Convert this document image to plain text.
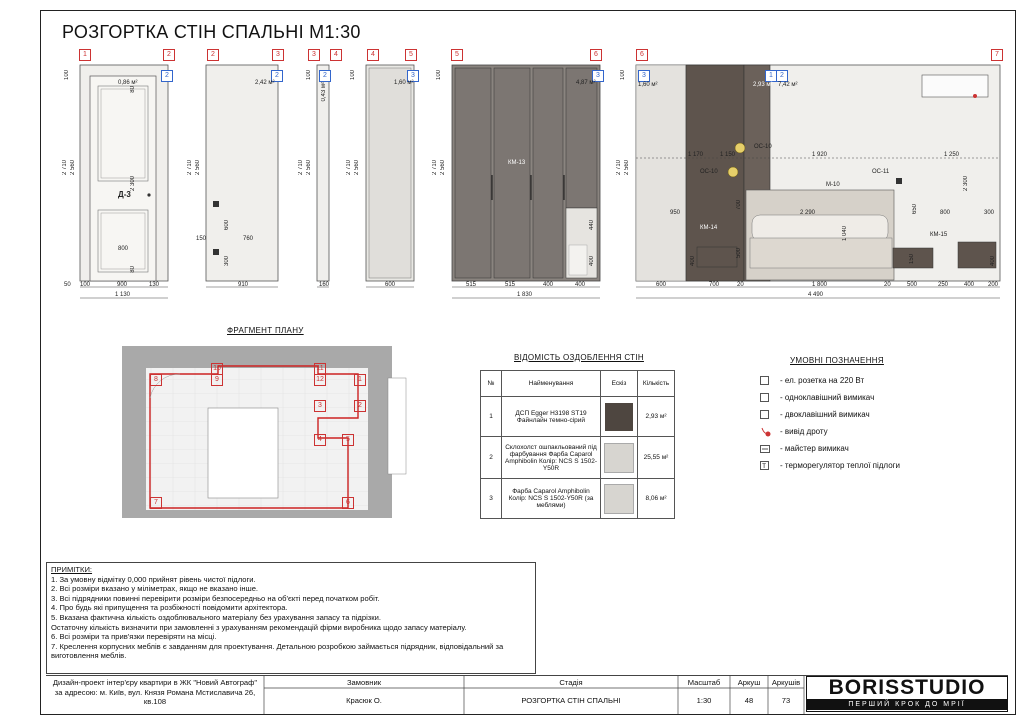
РОЗГОРТКА СТІН СПАЛЬНІ М1:30
1	2	2	3	3	4	4	5	5	6	6	7
2
0,86 м²
Д-3
2 710 2 560
100
80
2 300
800
80
50 100	900	130
1 130
2
2,42 м²
2 710 2 560
150	760
600
300
910
2
0,43 м²
2 710 2 560
100
160
3
1,60 м²
2 710 2 560
100
600
3
4,87 м²
КМ-13
2 710 2 560
100
440
400
515	515	400	400
1 830
3
1,60 м²
1	2
2,93 м² 7,42 м²
2 710 2 560
100
1 170	1 150	1 920	1 250
ОС-10
ОС-10
М-10
ОС-11
КМ-14
КМ-15
950
700
2 290	800	300
1 040
650
2 300
400	400
150
500
600	700	20	1 800	20	500	250	400 200
4 490
ФРАГМЕНТ ПЛАНУ
8
10	11
1
9	12
2
3
4	5
7	6
ВІДОМІСТЬ ОЗДОБЛЕННЯ СТІН
№	Найменування	Ескіз	Кількість
1	ДСП Egger H3198 ST19 Файнлайн темно-сірий		2,93 м²
2	Склохолст ошпакльований під фарбування Фарба Caparol Amphibolin Колір: NCS S 1502-Y50R		25,55 м²
3	Фарба Caparol Amphibolin Колір: NCS S 1502-Y50R (за меблями)		8,06 м²
УМОВНІ ПОЗНАЧЕННЯ
- ел. розетка на 220 Вт
- одноклавішний вимикач
- двоклавішний вимикач
- вивід дроту
- майстер вимикач
T - терморегулятор теплої підлоги
ПРИМІТКИ:
1. За умовну відмітку 0,000 прийнят рівень чистої підлоги.
2. Всі розміри вказано у міліметрах, якщо не вказано інше.
3. Всі підрядники повинні перевірити розміри безпосередньо на об'єкті перед початком робіт.
4. Про будь які припущення та розбіжності повідомити архітектора.
5. Вказана фактична кількість оздоблювального матеріалу без урахування запасу та підрізки.
Остаточну кількість визначити при замовленні з урахуванням рекомендацій фірми виробника щодо запасу матеріалу.
6. Всі розміри та прив'язки перевіряти на місці.
7. Креслення корпусних меблів є завданням для проектування. Детальною розробкою займається підрядник, відповідальний за виготовлення меблів.
Дизайн-проект інтер'єру квартири в ЖК "Новий Автограф" за адресою: м. Київ, вул. Князя Романа Мстиславича 26, кв.108
Замовник
Красюк О.
Стадія
РОЗГОРТКА СТІН СПАЛЬНІ
Масштаб
1:30
Аркуш
48
Аркушів
73
BORISSTUDIO
ПЕРШИЙ КРОК ДО МРІЇ
